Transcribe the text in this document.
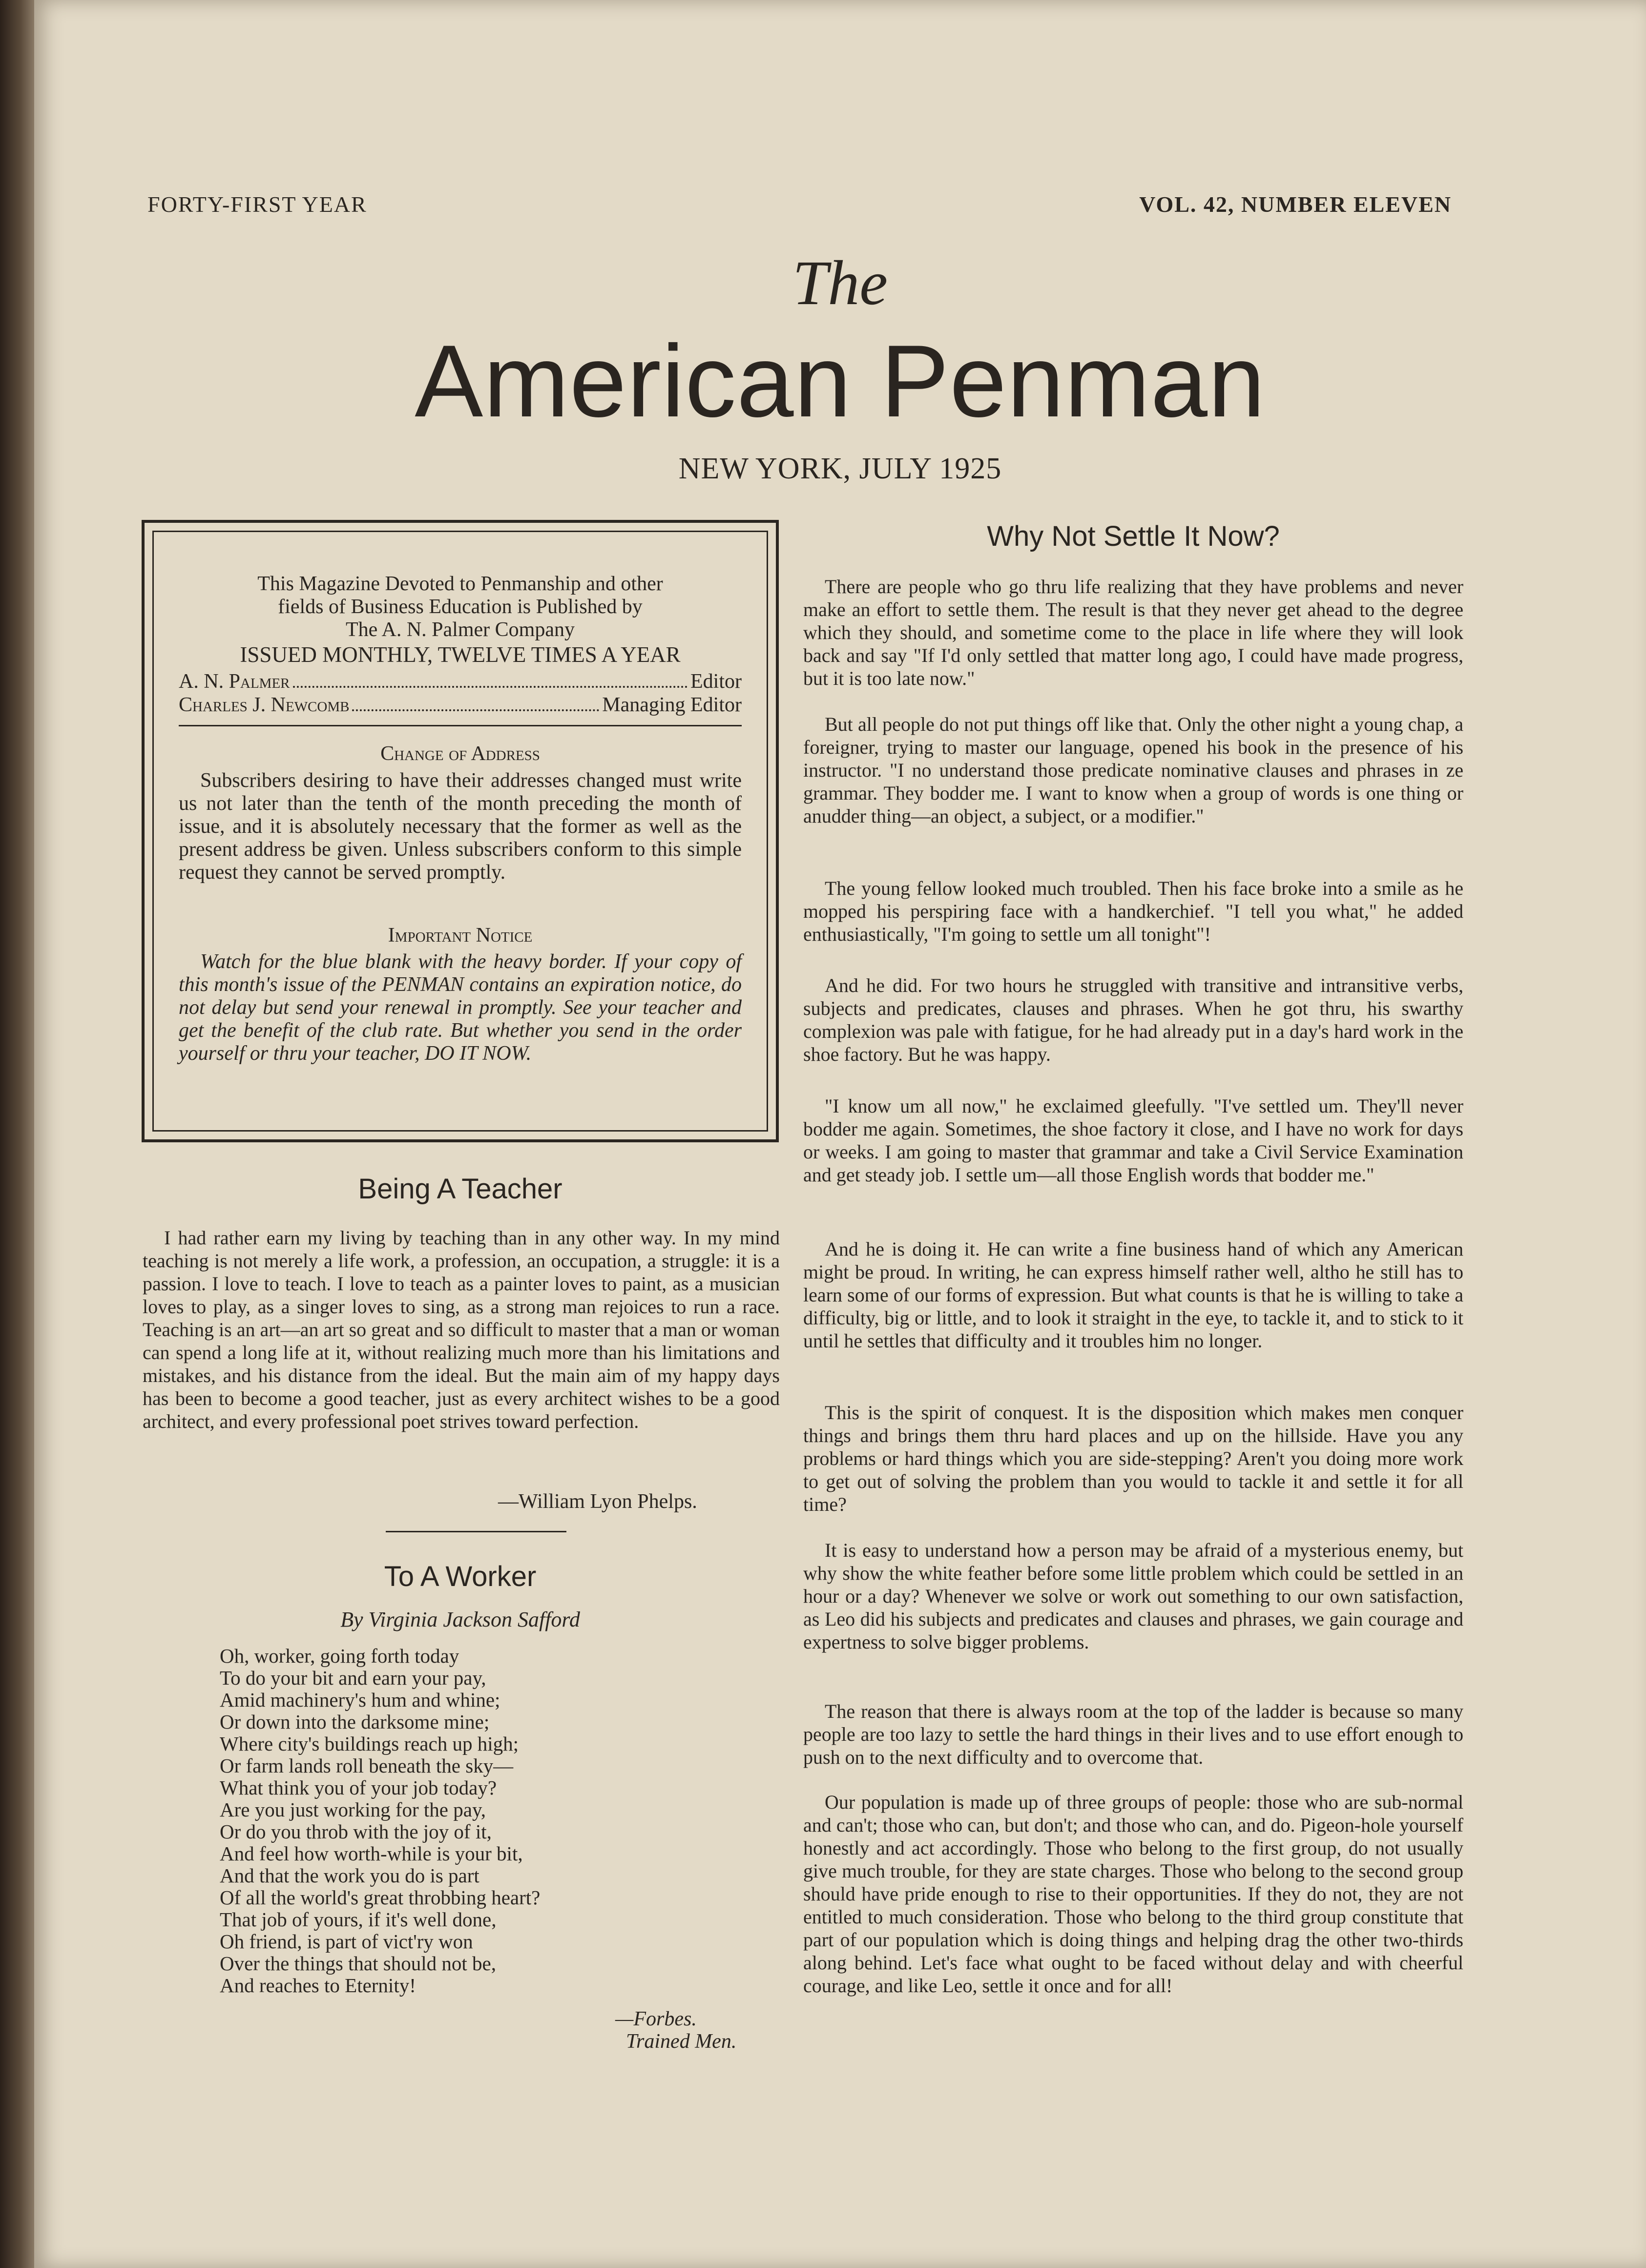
FORTY-FIRST YEAR	VOL. 42, NUMBER ELEVEN
The
American Penman
NEW YORK, JULY 1925
This Magazine Devoted to Penmanship and other
fields of Business Education is Published by
The A. N. Palmer Company
ISSUED MONTHLY, TWELVE TIMES A YEAR
A. N. Palmer	Editor
Charles J. Newcomb	Managing Editor
Change of Address
Subscribers desiring to have their addresses changed must write us not later than the tenth of the month preceding the month of issue, and it is absolutely necessary that the former as well as the present address be given. Unless subscribers conform to this simple request they cannot be served promptly.
Important Notice
Watch for the blue blank with the heavy border. If your copy of this month's issue of the PENMAN contains an expiration notice, do not delay but send your renewal in promptly. See your teacher and get the benefit of the club rate. But whether you send in the order yourself or thru your teacher, DO IT NOW.
Being A Teacher

I had rather earn my living by teaching than in any other way. In my mind teaching is not merely a life work, a profession, an occupation, a struggle: it is a passion. I love to teach. I love to teach as a painter loves to paint, as a musician loves to play, as a singer loves to sing, as a strong man rejoices to run a race. Teaching is an art—an art so great and so difficult to master that a man or woman can spend a long life at it, without realizing much more than his limitations and mistakes, and his distance from the ideal. But the main aim of my happy days has been to become a good teacher, just as every architect wishes to be a good architect, and every professional poet strives toward perfection.

—William Lyon Phelps.
To A Worker
By Virginia Jackson Safford
Oh, worker, going forth today
To do your bit and earn your pay,
Amid machinery's hum and whine;
Or down into the darksome mine;
Where city's buildings reach up high;
Or farm lands roll beneath the sky—
What think you of your job today?
Are you just working for the pay,
Or do you throb with the joy of it,
And feel how worth-while is your bit,
And that the work you do is part
Of all the world's great throbbing heart?
That job of yours, if it's well done,
Oh friend, is part of vict'ry won
Over the things that should not be,
And reaches to Eternity!
—Forbes.
Trained Men.
Why Not Settle It Now?

There are people who go thru life realizing that they have problems and never make an effort to settle them. The result is that they never get ahead to the degree which they should, and sometime come to the place in life where they will look back and say "If I'd only settled that matter long ago, I could have made progress, but it is too late now."

But all people do not put things off like that. Only the other night a young chap, a foreigner, trying to master our language, opened his book in the presence of his instructor. "I no understand those predicate nominative clauses and phrases in ze grammar. They bodder me. I want to know when a group of words is one thing or anudder thing—an object, a subject, or a modifier."

The young fellow looked much troubled. Then his face broke into a smile as he mopped his perspiring face with a handkerchief. "I tell you what," he added enthusiastically, "I'm going to settle um all tonight"!

And he did. For two hours he struggled with transitive and intransitive verbs, subjects and predicates, clauses and phrases. When he got thru, his swarthy complexion was pale with fatigue, for he had already put in a day's hard work in the shoe factory. But he was happy.

"I know um all now," he exclaimed gleefully. "I've settled um. They'll never bodder me again. Sometimes, the shoe factory it close, and I have no work for days or weeks. I am going to master that grammar and take a Civil Service Examination and get steady job. I settle um—all those English words that bodder me."

And he is doing it. He can write a fine business hand of which any American might be proud. In writing, he can express himself rather well, altho he still has to learn some of our forms of expression. But what counts is that he is willing to take a difficulty, big or little, and to look it straight in the eye, to tackle it, and to stick to it until he settles that difficulty and it troubles him no longer.

This is the spirit of conquest. It is the disposition which makes men conquer things and brings them thru hard places and up on the hillside. Have you any problems or hard things which you are side-stepping? Aren't you doing more work to get out of solving the problem than you would to tackle it and settle it for all time?

It is easy to understand how a person may be afraid of a mysterious enemy, but why show the white feather before some little problem which could be settled in an hour or a day? Whenever we solve or work out something to our own satisfaction, as Leo did his subjects and predicates and clauses and phrases, we gain courage and expertness to solve bigger problems.

The reason that there is always room at the top of the ladder is because so many people are too lazy to settle the hard things in their lives and to use effort enough to push on to the next difficulty and to overcome that.

Our population is made up of three groups of people: those who are sub-normal and can't; those who can, but don't; and those who can, and do. Pigeon-hole yourself honestly and act accordingly. Those who belong to the first group, do not usually give much trouble, for they are state charges. Those who belong to the second group should have pride enough to rise to their opportunities. If they do not, they are not entitled to much consideration. Those who belong to the third group constitute that part of our population which is doing things and helping drag the other two-thirds along behind. Let's face what ought to be faced without delay and with cheerful courage, and like Leo, settle it once and for all!
